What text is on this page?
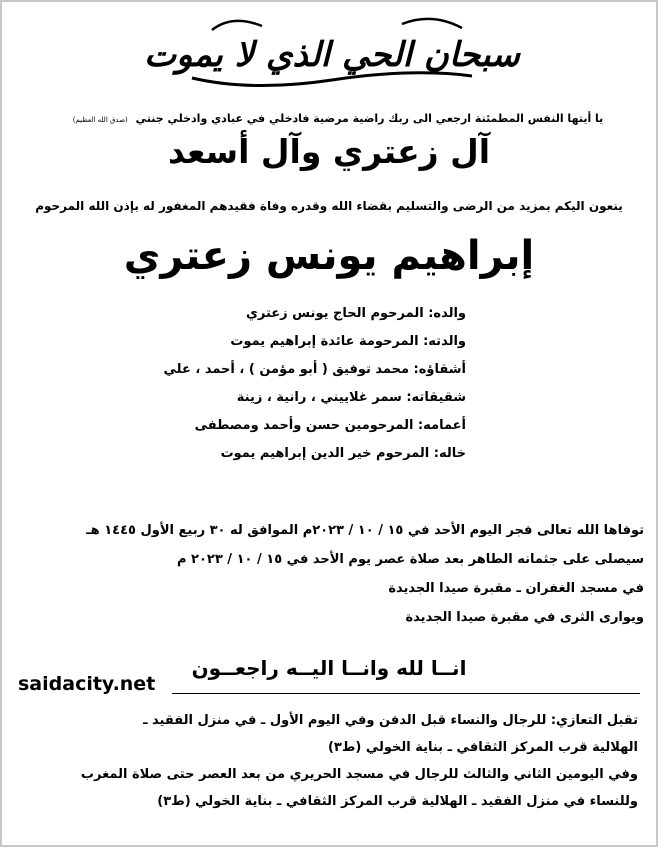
سبحان الحي الذي لا يموت
يا أيتها النفس المطمئنة ارجعي الى ربك راضية مرضية فادخلي في عبادي وادخلي جنتي (صدق الله العظيم)
آل زعتري وآل أسعد
ينعون اليكم بمزيد من الرضى والتسليم بقضاء الله وقدره وفاة فقيدهم المغفور له بإذن الله المرحوم
إبراهيم يونس زعتري
والده: المرحوم الحاج يونس زعتري
والدته: المرحومة عائدة إبراهيم يموت
أشقاؤه: محمد توفيق ( أبو مؤمن ) ، أحمد ، علي
شقيقاته: سمر غلاييني ، رانية ، زينة
أعمامه: المرحومين حسن وأحمد ومصطفى
خاله: المرحوم خير الدين إبراهيم يموت
توفاها الله تعالى فجر اليوم الأحد في ١٥ / ١٠ / ٢٠٢٣م الموافق له ٣٠ ربيع الأول ١٤٤٥ هـ
سيصلى على جثمانه الطاهر بعد صلاة عصر يوم الأحد في ١٥ / ١٠ / ٢٠٢٣ م
في مسجد الغفران ـ مقبرة صيدا الجديدة
ويوارى الثرى في مقبرة صيدا الجديدة
انــا لله وانــا اليــه راجعــون
تقبل التعازي: للرجال والنساء قبل الدفن وفي اليوم الأول ـ في منزل الفقيد ـ
الهلالية قرب المركز الثقافي ـ بناية الخولي (ط٣)
وفي اليومين الثاني والثالث للرجال في مسجد الحريري من بعد العصر حتى صلاة المغرب
وللنساء في منزل الفقيد ـ الهلالية قرب المركز الثقافي ـ بناية الخولي (ط٣)
saidacity.net
